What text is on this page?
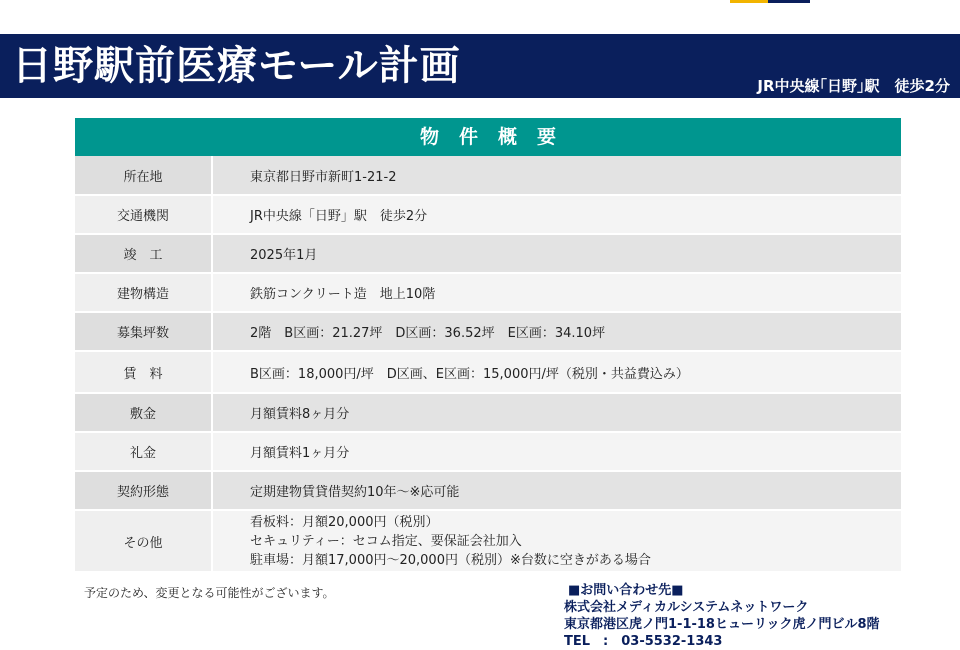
日野駅前医療モール計画	JR中央線｢日野｣駅　徒歩2分
物件概要
所在地	東京都日野市新町1-21-2
交通機関	JR中央線「日野」駅　徒歩2分
竣　工	2025年1月
建物構造	鉄筋コンクリート造　地上10階
募集坪数	2階　B区画：21.27坪　D区画：36.52坪　E区画：34.10坪
賃　料	B区画：18,000円/坪　D区画、E区画：15,000円/坪（税別・共益費込み）
敷金	月額賃料8ヶ月分
礼金	月額賃料1ヶ月分
契約形態	定期建物賃貸借契約10年～※応可能
その他	看板料：月額20,000円（税別）
セキュリティー：セコム指定、要保証会社加入
駐車場：月額17,000円～20,000円（税別）※台数に空きがある場合
予定のため、変更となる可能性がございます。	■お問い合わせ先■
株式会社メディカルシステムネットワーク
東京都港区虎ノ門1-1-18ヒューリック虎ノ門ビル8階
TEL　:　03-5532-1343
